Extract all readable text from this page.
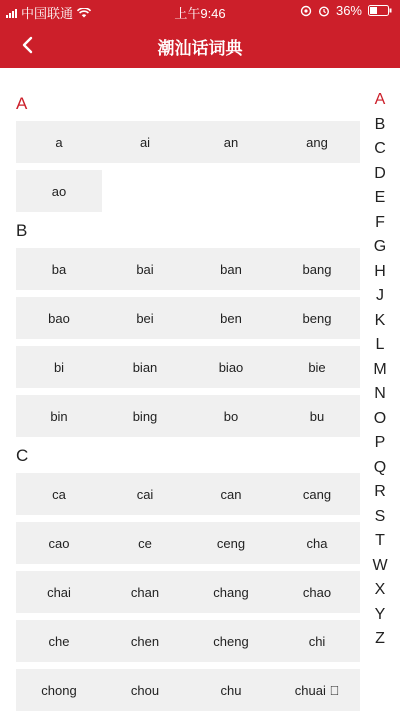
中国联通	上午9:46	36%
潮汕话词典
A
a	ai	an	ang
ao
B
ba	bai	ban	bang
bao	bei	ben	beng
bi	bian	biao	bie
bin	bing	bo	bu
C
ca	cai	can	cang
cao	ce	ceng	cha
chai	chan	chang	chao
che	chen	cheng	chi
chong	chou	chu	chuai ⃞
A
B
C
D
E
F
G
H
J
K
L
M
N
O
P
Q
R
S
T
W
X
Y
Z
